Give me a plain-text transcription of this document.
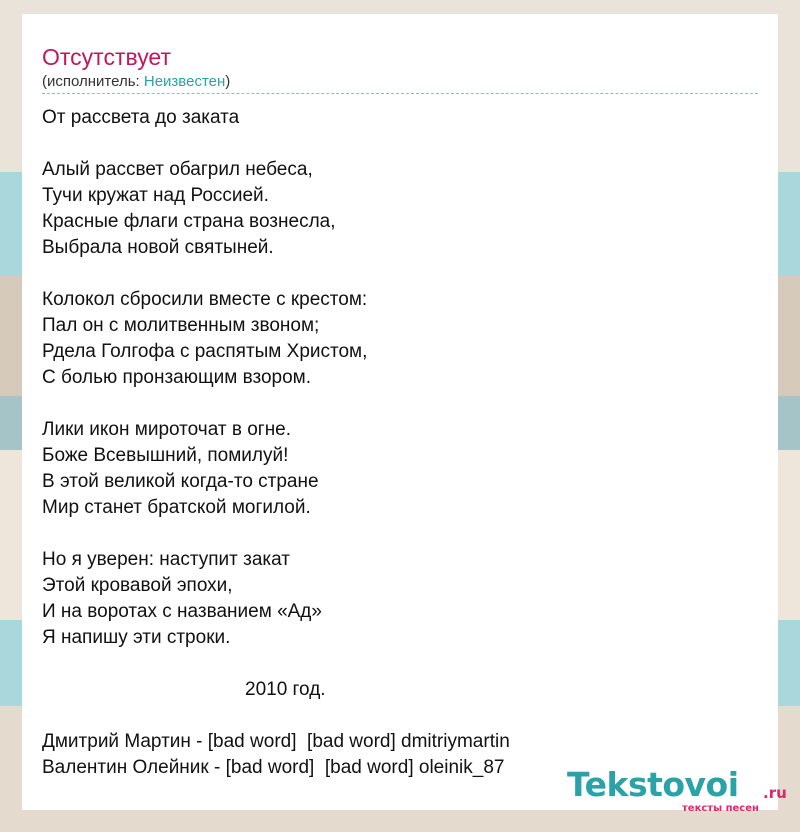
Отсутствует
(исполнитель: Неизвестен)
От рассвета до заката
Алый рассвет обагрил небеса,
Тучи кружат над Россией.
Красные флаги страна вознесла,
Выбрала новой святыней.
Колокол сбросили вместе с крестом:
Пал он с молитвенным звоном;
Рдела Голгофа с распятым Христом,
С болью пронзающим взором.
Лики икон мироточат в огне.
Боже Всевышний, помилуй!
В этой великой когда-то стране
Мир станет братской могилой.
Но я уверен: наступит закат
Этой кровавой эпохи,
И на воротах с названием «Ад»
Я напишу эти строки.
2010 год.
Дмитрий Мартин - [bad word]  [bad word] dmitriymartin
Валентин Олейник - [bad word]  [bad word] oleinik_87	Tekstovoi .ru
тексты песен
